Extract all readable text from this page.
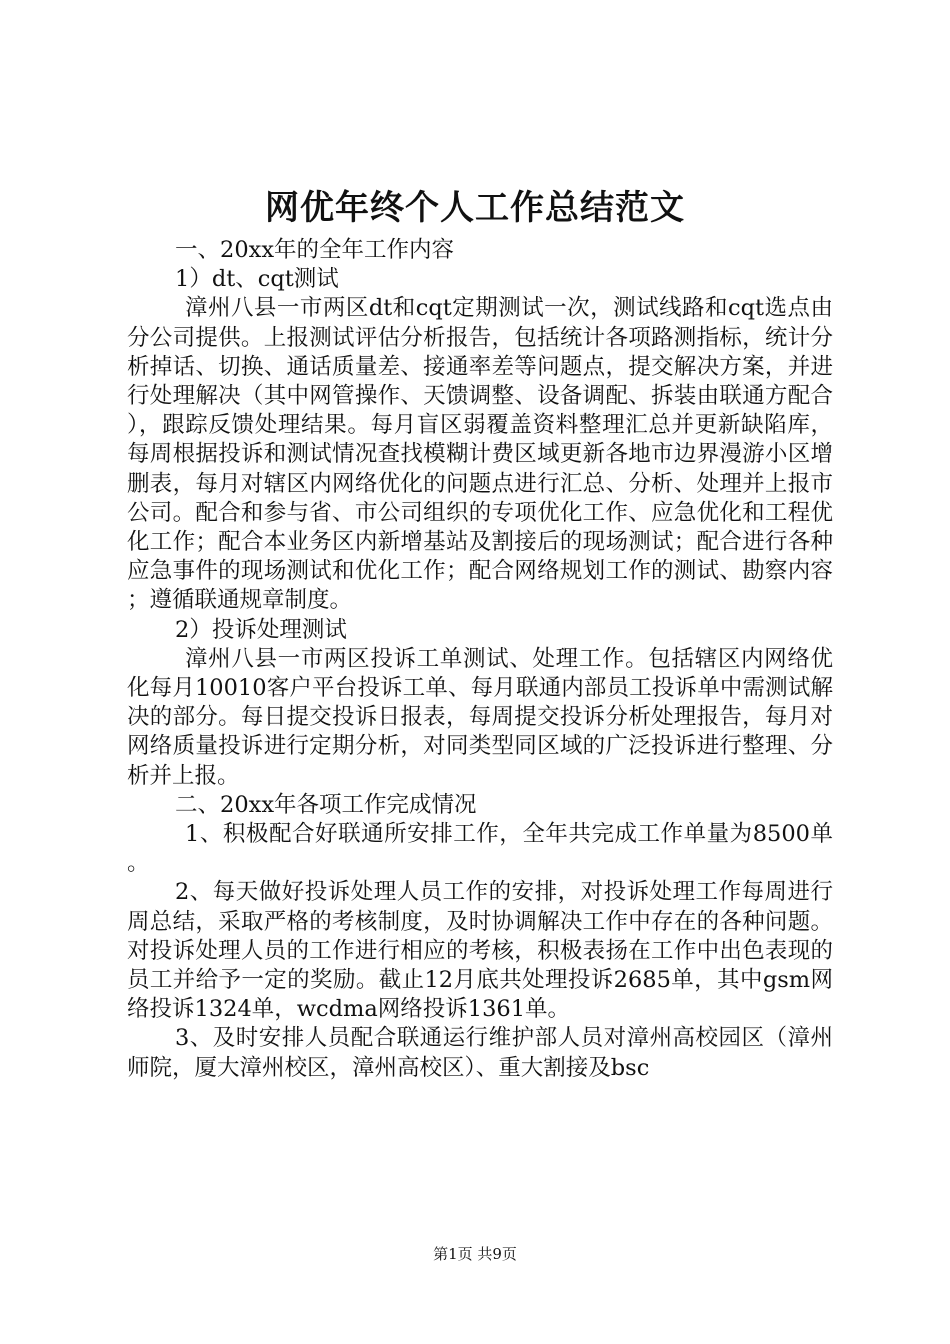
网优年终个人工作总结范文

一、20xx年的全年工作内容

1）dt、cqt测试

漳州八县一市两区dt和cqt定期测试一次，测试线路和cqt选点由分公司提供。上报测试评估分析报告，包括统计各项路测指标，统计分析掉话、切换、通话质量差、接通率差等问题点，提交解决方案，并进行处理解决（其中网管操作、天馈调整、设备调配、拆装由联通方配合），跟踪反馈处理结果。每月盲区弱覆盖资料整理汇总并更新缺陷库，每周根据投诉和测试情况查找模糊计费区域更新各地市边界漫游小区增删表，每月对辖区内网络优化的问题点进行汇总、分析、处理并上报市公司。配合和参与省、市公司组织的专项优化工作、应急优化和工程优化工作；配合本业务区内新增基站及割接后的现场测试；配合进行各种应急事件的现场测试和优化工作；配合网络规划工作的测试、勘察内容；遵循联通规章制度。

2）投诉处理测试

漳州八县一市两区投诉工单测试、处理工作。包括辖区内网络优化每月10010客户平台投诉工单、每月联通内部员工投诉单中需测试解决的部分。每日提交投诉日报表，每周提交投诉分析处理报告，每月对网络质量投诉进行定期分析，对同类型同区域的广泛投诉进行整理、分析并上报。

二、20xx年各项工作完成情况

1、积极配合好联通所安排工作，全年共完成工作单量为8500单。

2、每天做好投诉处理人员工作的安排，对投诉处理工作每周进行周总结，采取严格的考核制度，及时协调解决工作中存在的各种问题。对投诉处理人员的工作进行相应的考核，积极表扬在工作中出色表现的员工并给予一定的奖励。截止12月底共处理投诉2685单，其中gsm网络投诉1324单，wcdma网络投诉1361单。

3、及时安排人员配合联通运行维护部人员对漳州高校园区（漳州师院，厦大漳州校区，漳州高校区）、重大割接及bsc

第1页 共9页
